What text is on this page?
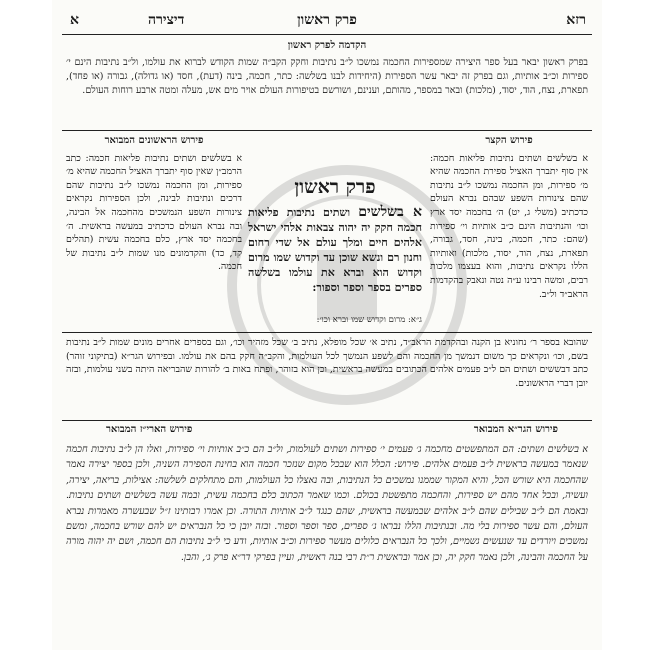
רזא
פרק ראשון
דיצירה
א
הקדמה לפרק ראשון
בפרק ראשון יבאר בעל ספר היצירה שמספירות החכמה נמשכו ל״ב נתיבות וחקק הקב״ה שמות הקודש לברוא את עולמו, ול״ב נתיבות הינם י׳ ספירות וכ״ב אותיות, וגם בפרק זה יבאר עשר הספירות (היחידות לבנו בשלשה: כתר, חכמה, בינה (דעת), חסד (או גדולה), גבורה (או פחד), תפארת, נצח, הוד, יסוד, (מלכות) ובאר במספר, מהותם, וענינם, ושורשם בטיפורות העולם אויר מים אש, מעלה ומטה ארבע רוחות העולם.
פירוש הקצר
א בשלשים ושתים נתיבות פליאות חכמה: אין סוף יתברך האציל ספירת החכמה שהיא מ׳ ספירות, ומן החכמה נמשכו ל״ב נתיבות שהם צינורות השפע שבהם נברא העולם כדכתיב (משלי ג, יט) ה׳ בחכמה יסד ארץ וכו׳ והנתיבות הינם כ״ב אותיות וי׳ ספירות (שהם: כתר, חכמה, בינה, חסד, גבורה, תפארת, נצח, הוד, יסוד, מלכות) ואותיות הללו נקראים נתיבות, והוא בעצמו מלכות רבים, ומשה רבינו ע״ה נטה ונאבק בהקדמות הראב״ד ול״ב.
פירוש הראשונים המבואר
א בשלשים ושתים נתיבות פליאות חכמה: כתב הרמב״ן שאין סוף יתברך האציל החכמה שהיא מ׳ ספירות, ומן החכמה נמשכו ל״ב נתיבות שהם דרכים ונתיבות לבינה, ולכן הספירות נקראים צינורות השפע הנמשכים מהחכמה אל הבינה, ובה נברא העולם כדכתיב במעשה בראשית. ה׳ בחכמה יסד ארץ, כלם בחכמה עשית (תהלים קד, כד) והקדמונים מנו שמות ל״ב נתיבות של חכמה.
פרק ראשון
א בשלשים ושתים נתיבות פליאות חכמה חקק יה יהוה צבאות אלהי ישראל אלהים חיים ומלך עולם אל שדי רחום וחנון רם ונשא שוכן עד וקדוש שמו מרום וקדוש הוא וברא את עולמו בשלשה ספרים בספר וספר וספור:
ג״א: מרום וקדוש שמו וברא וכו׳:
שהובא בספר ר׳ נחוניא בן הקנה ובהקדמת הראב״ד, נתיב א׳ שכל מופלא, נתיב ב׳ שכל מזהיר וכו׳, וגם בספרים אחרים מונים שמות ל״ב נתיבות בשם, וכו׳ ונקראים כך משום דנמשך מן החכמה והם לשפע הנמשך לכל העולמות, והקב״ה חקק בהם את עולמו. ובפירוש הגר״א (בתיקוני זוהר) כתב דבששים ושתים הם ל״ב פעמים אלהים הכתובים במעשה בראשית, וכן הוא בזוהר, ופתח באות ב׳ להורות שהבריאה היתה בשני עולמות, ובזה יובן דברי הראשונים.
פירוש הגר״א המבואר
פירוש הארי״ז המבואר
א בשלשים ושתים: הם המתפשטים מחכמה ג׳ פעמים י׳ ספירות ושתים לעולמות, ול״ב הם כ״ב אותיות וי׳ ספירות, ואלו הן ל״ב נתיבות חכמה שנאמר במעשה בראשית ל״ב פעמים אלהים. פירוש: הכלל הוא שבכל מקום שנזכר חכמה הוא בחינת הספירה השניה, ולכן בספר יצירה נאמר שהחכמה היא שורש הכל, והיא המקור שממנו נמשכים כל הנתיבות, ובה נאצלו כל העולמות, והם מתחלקים לשלשה: אצילות, בריאה, יצירה, ועשיה, ובכל אחד מהם יש ספירות, והחכמה מתפשטת בכולם. וכמו שאמר הכתוב כלם בחכמה עשית, ובמה עשה בשלשים ושתים נתיבות. ובאמת הם ל״ב שבילים שהם ל״ב אלהים שבמעשה בראשית, שהם כנגד ל״ב אותיות התורה. וכן אמרו רבותינו ז״ל שבעשרה מאמרות נברא העולם, והם עשר ספירות בלי מה. ובנתיבות הללו נבראו ג׳ ספרים, ספר וספר וספור. ובזה יובן כי כל הנבראים יש להם שורש בחכמה, ומשם נמשכים ויורדים עד שנעשים גשמיים, ולכך כל הנבראים כלולים מעשר ספירות וכ״ב אותיות, ודע כי ל״ב נתיבות הם חכמה, ושם יה יהוה מורה על החכמה והבינה, ולכן נאמר חקק יה, וכן אמר ובראשית ר״ת רבי בנה ראשית, ועיין בפרקי דר״א פרק ג׳, והבן.
